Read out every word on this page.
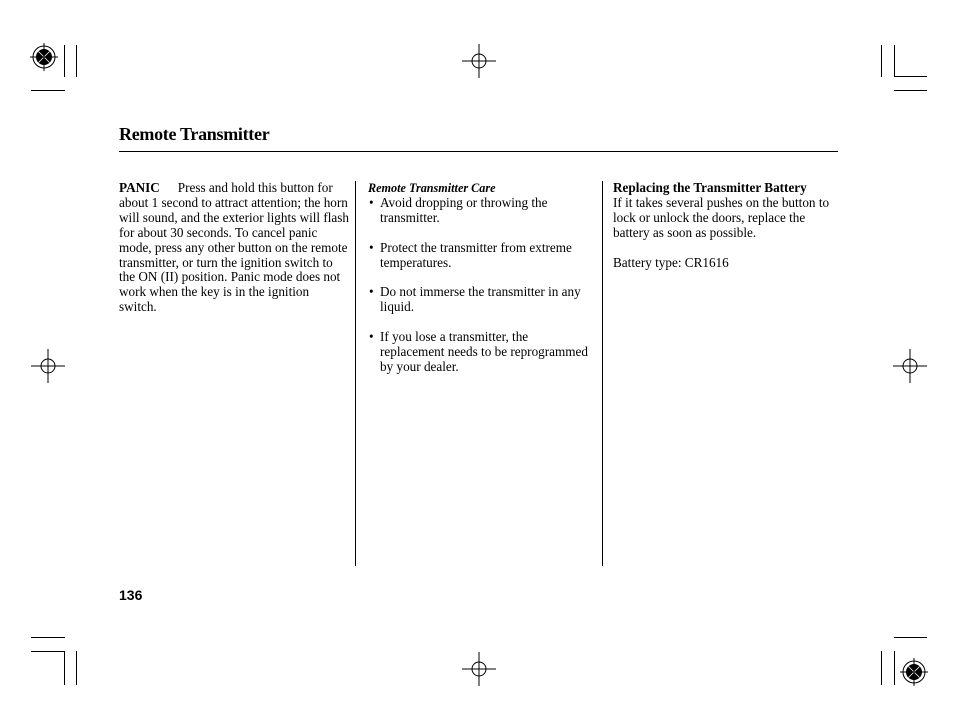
Remote Transmitter
PANIC Press and hold this button for about 1 second to attract attention; the horn will sound, and the exterior lights will flash for about 30 seconds. To cancel panic mode, press any other button on the remote transmitter, or turn the ignition switch to the ON (II) position. Panic mode does not work when the key is in the ignition switch.
Remote Transmitter Care
• Avoid dropping or throwing the transmitter.
• Protect the transmitter from extreme temperatures.
• Do not immerse the transmitter in any liquid.
• If you lose a transmitter, the replacement needs to be reprogrammed by your dealer.
Replacing the Transmitter Battery

If it takes several pushes on the button to lock or unlock the doors, replace the battery as soon as possible.

Battery type: CR1616

136
